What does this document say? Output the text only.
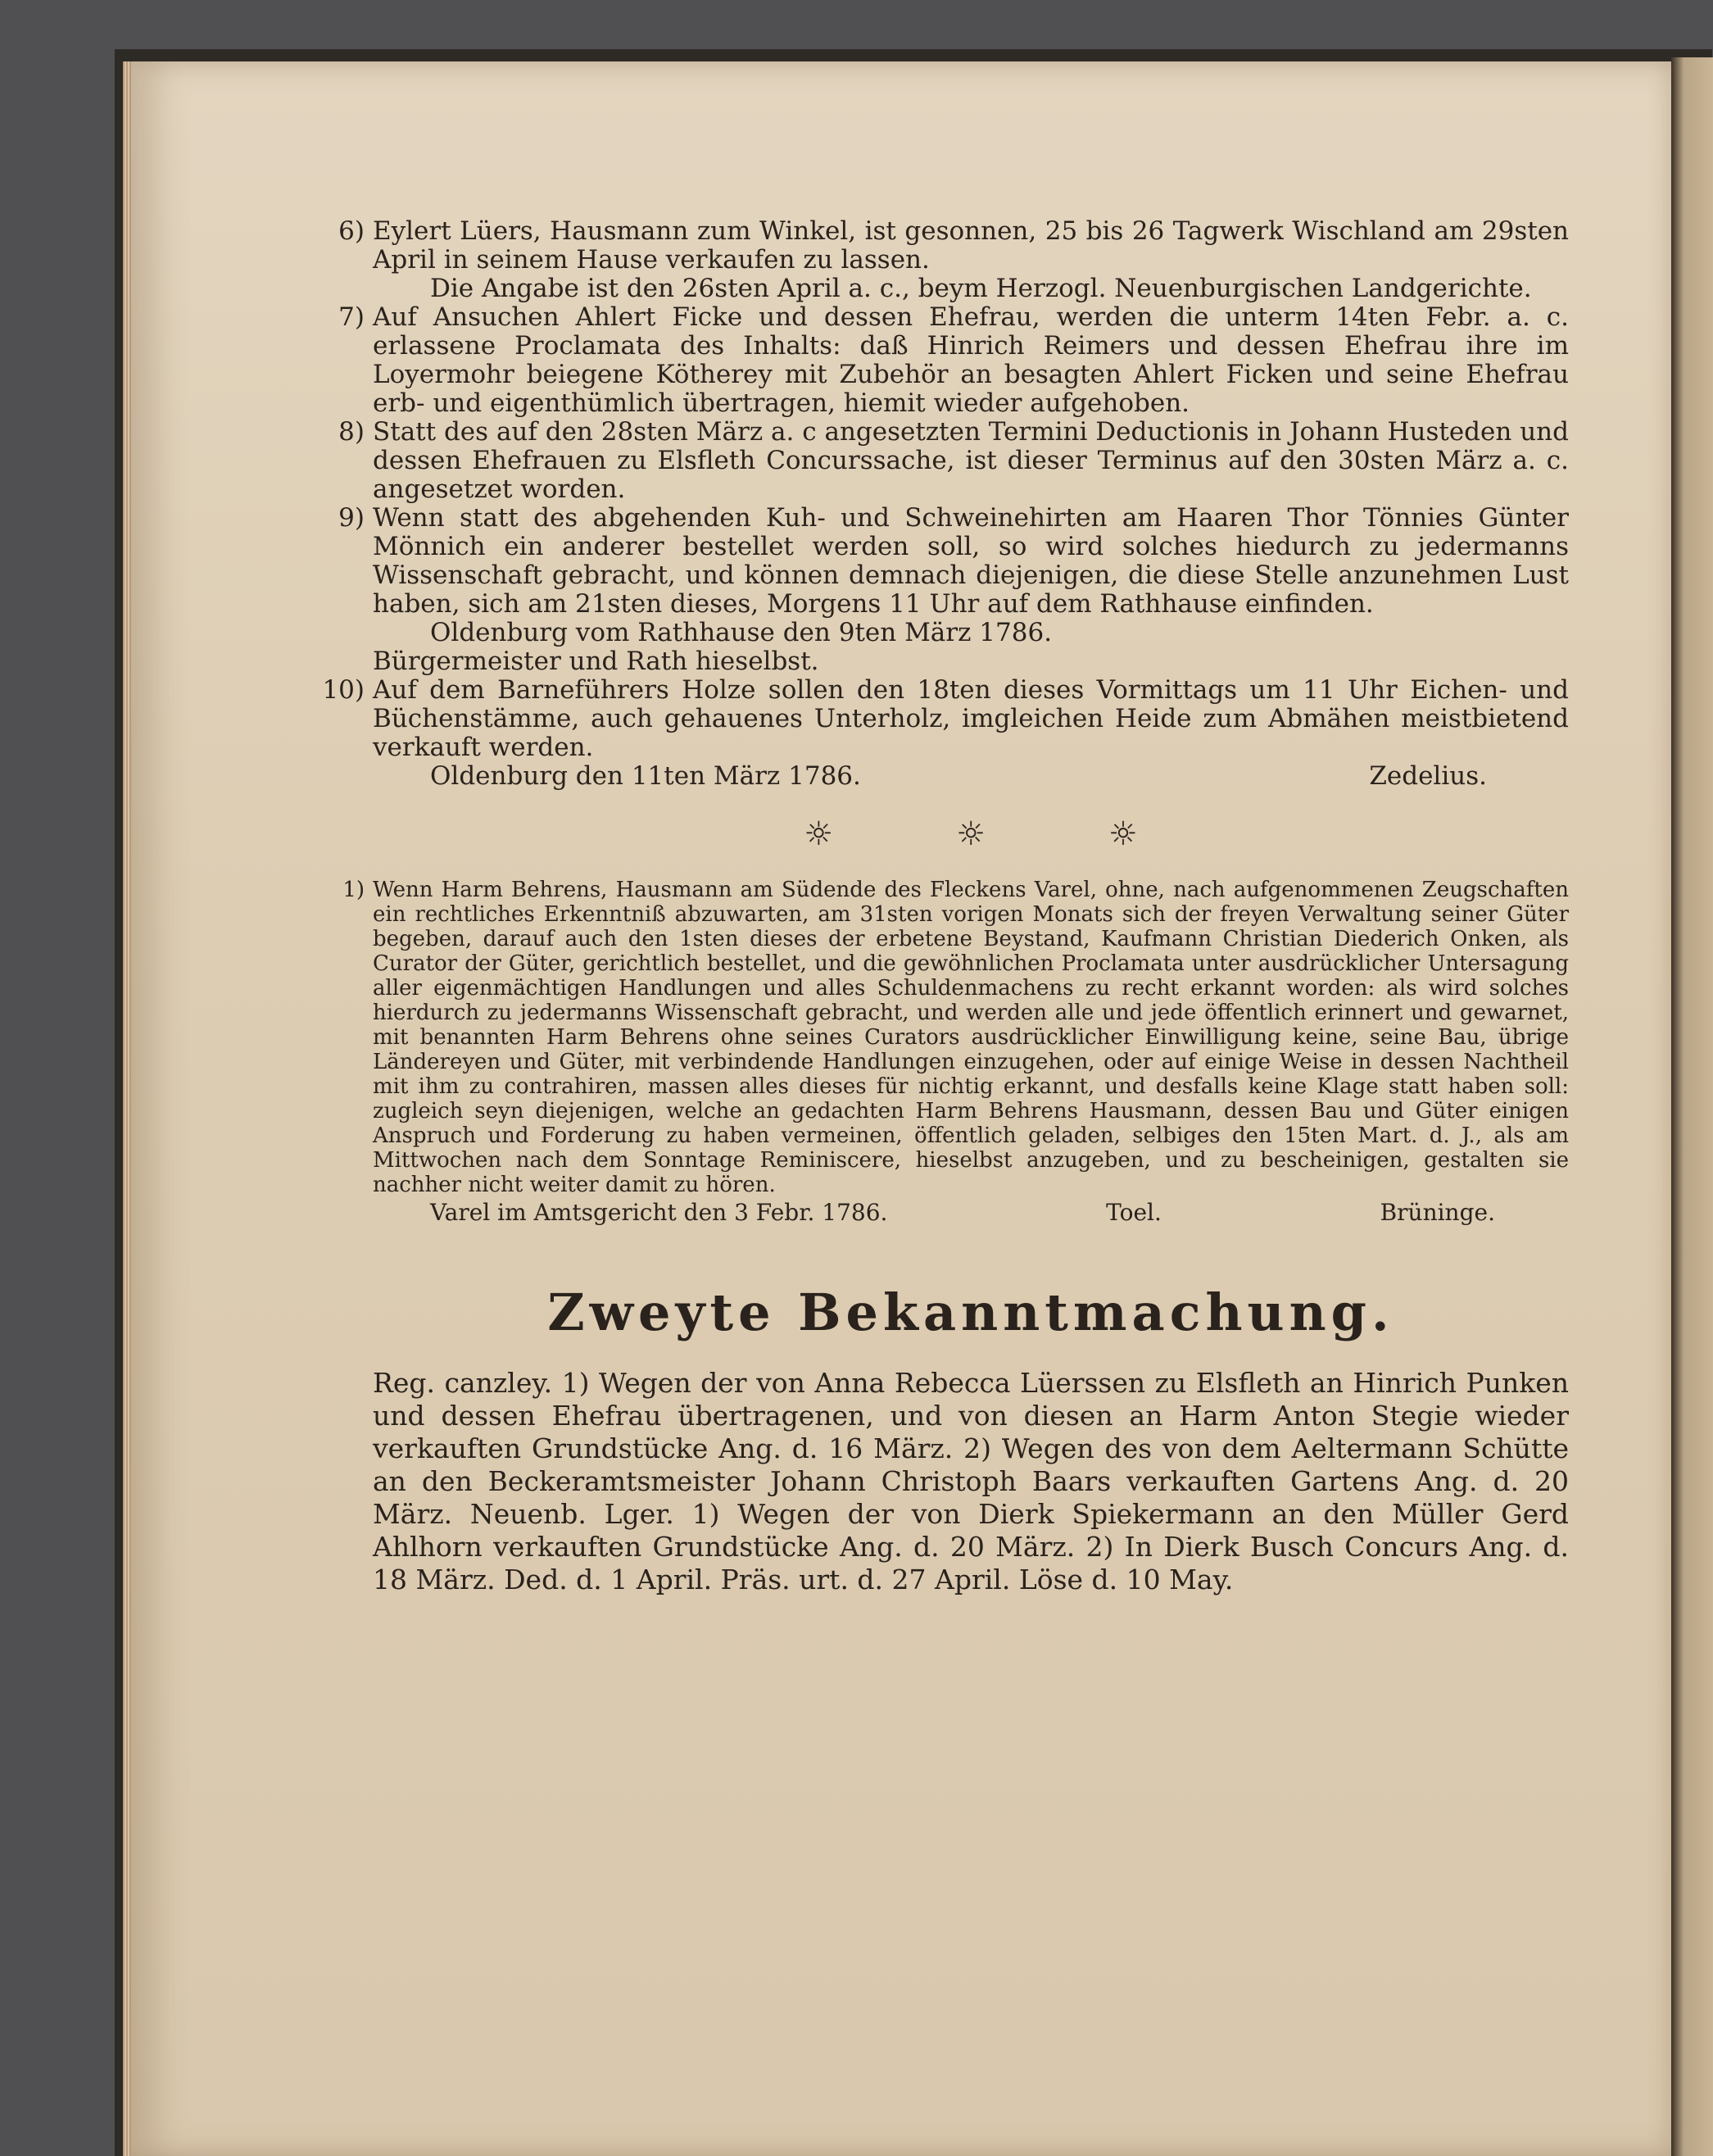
6) Eylert Lüers, Hausmann zum Winkel, ist gesonnen, 25 bis 26 Tagwerk Wischland am 29sten April in seinem Hause verkaufen zu lassen.

Die Angabe ist den 26sten April a. c., beym Herzogl. Neuenburgischen Landgerichte.

7) Auf Ansuchen Ahlert Ficke und dessen Ehefrau, werden die unterm 14ten Febr. a. c. erlassene Proclamata des Inhalts: daß Hinrich Reimers und dessen Ehefrau ihre im Loyermohr beiegene Kötherey mit Zubehör an besagten Ahlert Ficken und seine Ehefrau erb- und eigenthümlich übertragen, hiemit wieder aufgehoben.

8) Statt des auf den 28sten März a. c angesetzten Termini Deductionis in Johann Husteden und dessen Ehefrauen zu Elsfleth Concurssache, ist dieser Terminus auf den 30sten März a. c. angesetzet worden.

9) Wenn statt des abgehenden Kuh- und Schweinehirten am Haaren Thor Tönnies Günter Mönnich ein anderer bestellet werden soll, so wird solches hiedurch zu jedermanns Wissenschaft gebracht, und können demnach diejenigen, die diese Stelle anzunehmen Lust haben, sich am 21sten dieses, Morgens 11 Uhr auf dem Rathhause einfinden.

Oldenburg vom Rathhause den 9ten März 1786.

Bürgermeister und Rath hieselbst.

10) Auf dem Barneführers Holze sollen den 18ten dieses Vormittags um 11 Uhr Eichen- und Büchenstämme, auch gehauenes Unterholz, imgleichen Heide zum Abmähen meistbietend verkauft werden.

Oldenburg den 11ten März 1786.	Zedelius.
☼	☼	☼
1) Wenn Harm Behrens, Hausmann am Südende des Fleckens Varel, ohne, nach aufgenommenen Zeugschaften ein rechtliches Erkenntniß abzuwarten, am 31sten vorigen Monats sich der freyen Verwaltung seiner Güter begeben, darauf auch den 1sten dieses der erbetene Beystand, Kaufmann Christian Diederich Onken, als Curator der Güter, gerichtlich bestellet, und die gewöhnlichen Proclamata unter ausdrücklicher Untersagung aller eigenmächtigen Handlungen und alles Schuldenmachens zu recht erkannt worden: als wird solches hierdurch zu jedermanns Wissenschaft gebracht, und werden alle und jede öffentlich erinnert und gewarnet, mit benannten Harm Behrens ohne seines Curators ausdrücklicher Einwilligung keine, seine Bau, übrige Ländereyen und Güter, mit verbindende Handlungen einzugehen, oder auf einige Weise in dessen Nachtheil mit ihm zu contrahiren, massen alles dieses für nichtig erkannt, und desfalls keine Klage statt haben soll: zugleich seyn diejenigen, welche an gedachten Harm Behrens Hausmann, dessen Bau und Güter einigen Anspruch und Forderung zu haben vermeinen, öffentlich geladen, selbiges den 15ten Mart. d. J., als am Mittwochen nach dem Sonntage Reminiscere, hieselbst anzugeben, und zu bescheinigen, gestalten sie nachher nicht weiter damit zu hören.

Varel im Amtsgericht den 3 Febr. 1786.	Toel.	Brüninge.
Zweyte Bekanntmachung.

Reg. canzley. 1) Wegen der von Anna Rebecca Lüerssen zu Elsfleth an Hinrich Punken und dessen Ehefrau übertragenen, und von diesen an Harm Anton Stegie wieder verkauften Grundstücke Ang. d. 16 März. 2) Wegen des von dem Aeltermann Schütte an den Beckeramtsmeister Johann Christoph Baars verkauften Gartens Ang. d. 20 März. Neuenb. Lger. 1) Wegen der von Dierk Spiekermann an den Müller Gerd Ahlhorn verkauften Grundstücke Ang. d. 20 März. 2) In Dierk Busch Concurs Ang. d. 18 März. Ded. d. 1 April. Präs. urt. d. 27 April. Löse d. 10 May.
